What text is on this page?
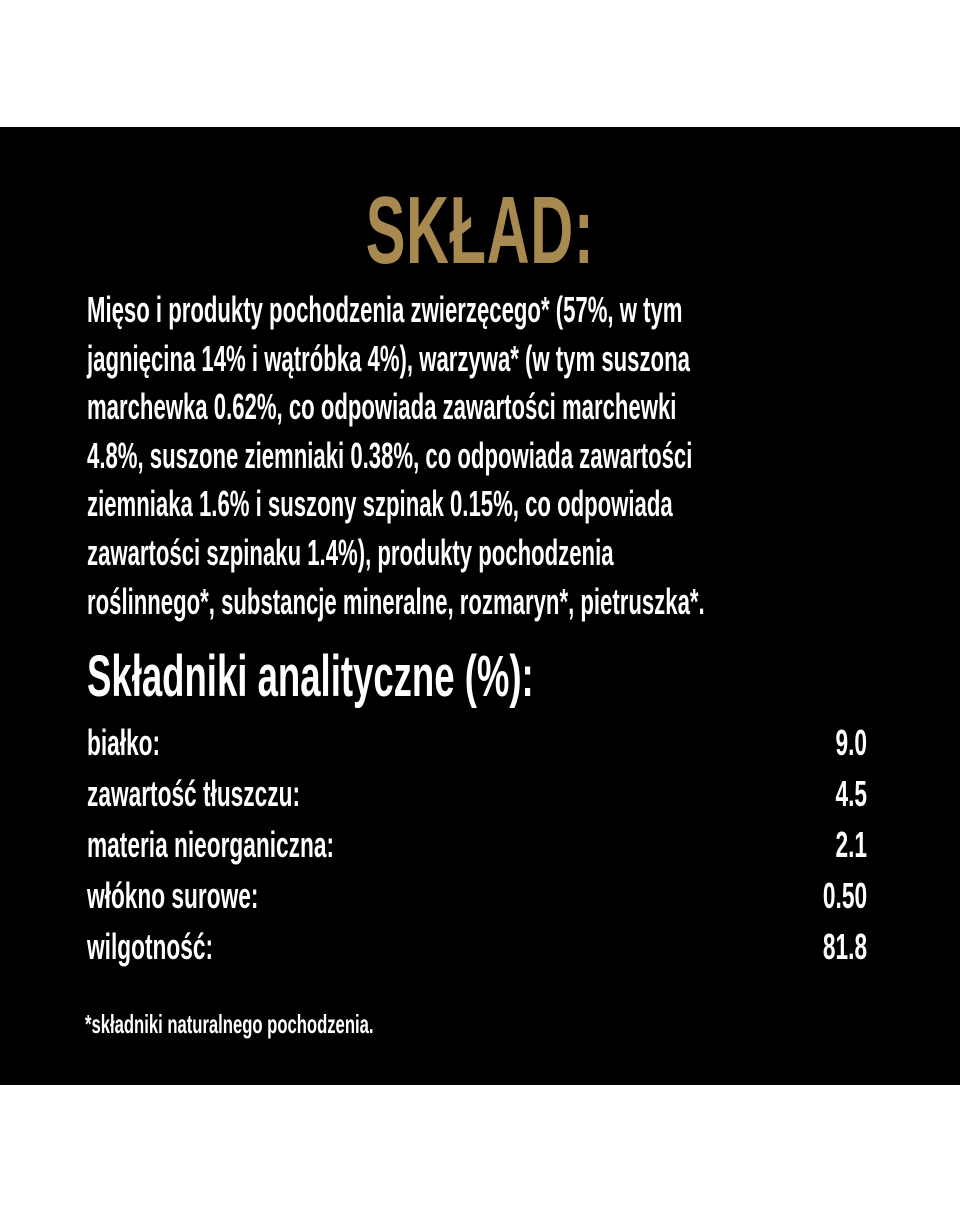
SKŁAD:
Mięso i produkty pochodzenia zwierzęcego* (57%, w tym
jagnięcina 14% i wątróbka 4%), warzywa* (w tym suszona
marchewka 0.62%, co odpowiada zawartości marchewki
4.8%, suszone ziemniaki 0.38%, co odpowiada zawartości
ziemniaka 1.6% i suszony szpinak 0.15%, co odpowiada
zawartości szpinaku 1.4%), produkty pochodzenia
roślinnego*, substancje mineralne, rozmaryn*, pietruszka*.
Składniki analityczne (%):
białko:	9.0
zawartość tłuszczu:	4.5
materia nieorganiczna:	2.1
włókno surowe:	0.50
wilgotność:	81.8
*składniki naturalnego pochodzenia.
